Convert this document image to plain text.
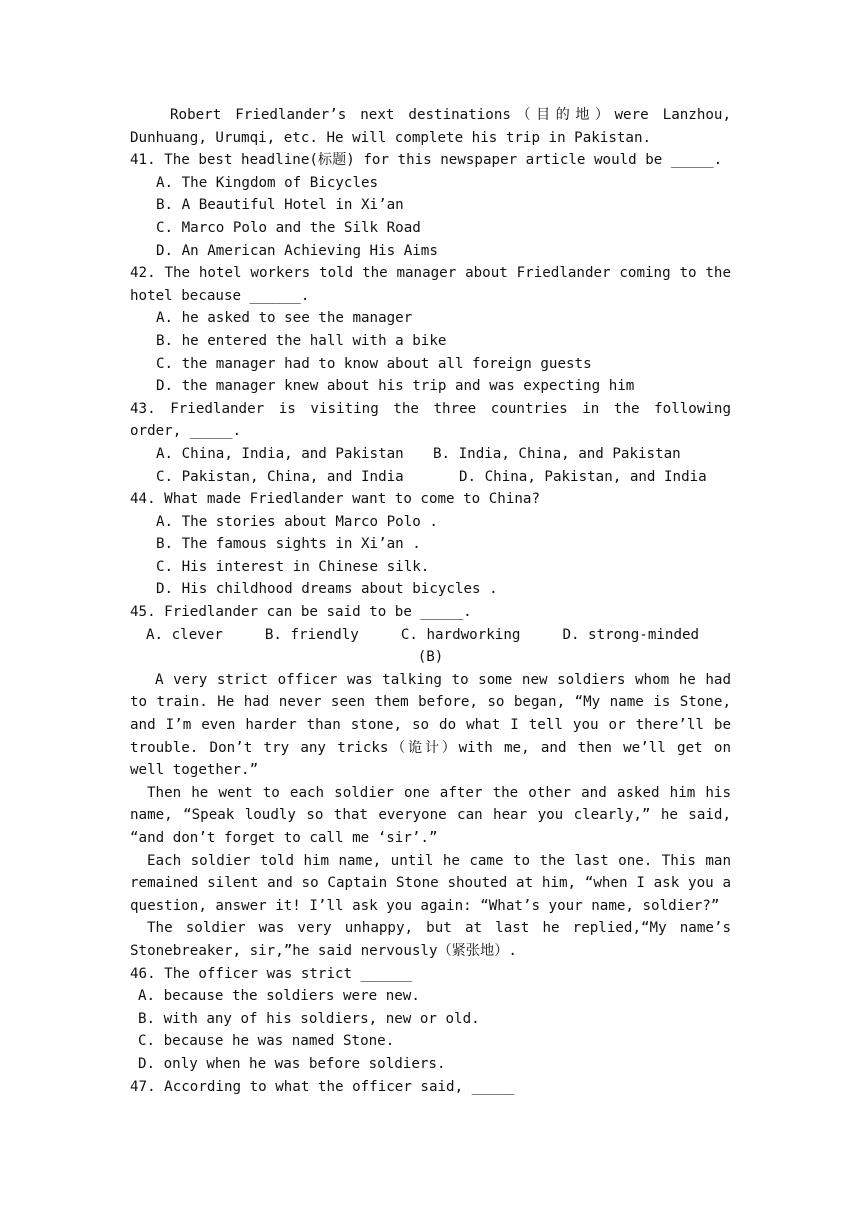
Robert Friedlander’s next destinations（目的地）were Lanzhou, Dunhuang, Urumqi, etc. He will complete his trip in Pakistan.

41. The best headline(标题) for this newspaper article would be _____.

A. The Kingdom of Bicycles

B. A Beautiful Hotel in Xi’an

C. Marco Polo and the Silk Road

D. An American Achieving His Aims

42. The hotel workers told the manager about Friedlander coming to the hotel because ______.

A. he asked to see the manager

B. he entered the hall with a bike

C. the manager had to know about all foreign guests

D. the manager knew about his trip and was expecting him

43. Friedlander is visiting the three countries in the following order, _____.

A. China, India, and Pakistan	B. India, China, and Pakistan
C. Pakistan, China, and India	D. China, Pakistan, and India

44. What made Friedlander want to come to China?

A. The stories about Marco Polo .

B. The famous sights in Xi’an .

C. His interest in Chinese silk.

D. His childhood dreams about bicycles .

45. Friedlander can be said to be _____.

A. clever	B. friendly	C. hardworking	D. strong-minded

(B)

A very strict officer was talking to some new soldiers whom he had to train. He had never seen them before, so began, “My name is Stone, and I’m even harder than stone, so do what I tell you or there’ll be trouble. Don’t try any tricks（诡计）with me, and then we’ll get on well together.”

Then he went to each soldier one after the other and asked him his name, “Speak loudly so that everyone can hear you clearly,” he said, “and don’t forget to call me ‘sir’.”

Each soldier told him name, until he came to the last one. This man remained silent and so Captain Stone shouted at him, “when I ask you a question, answer it! I’ll ask you again: “What’s your name, soldier?”

The soldier was very unhappy, but at last he replied,“My name’s Stonebreaker, sir,”he said nervously（紧张地）.

46. The officer was strict ______

A. because the soldiers were new.

B. with any of his soldiers, new or old.

C. because he was named Stone.

D. only when he was before soldiers.

47. According to what the officer said, _____
